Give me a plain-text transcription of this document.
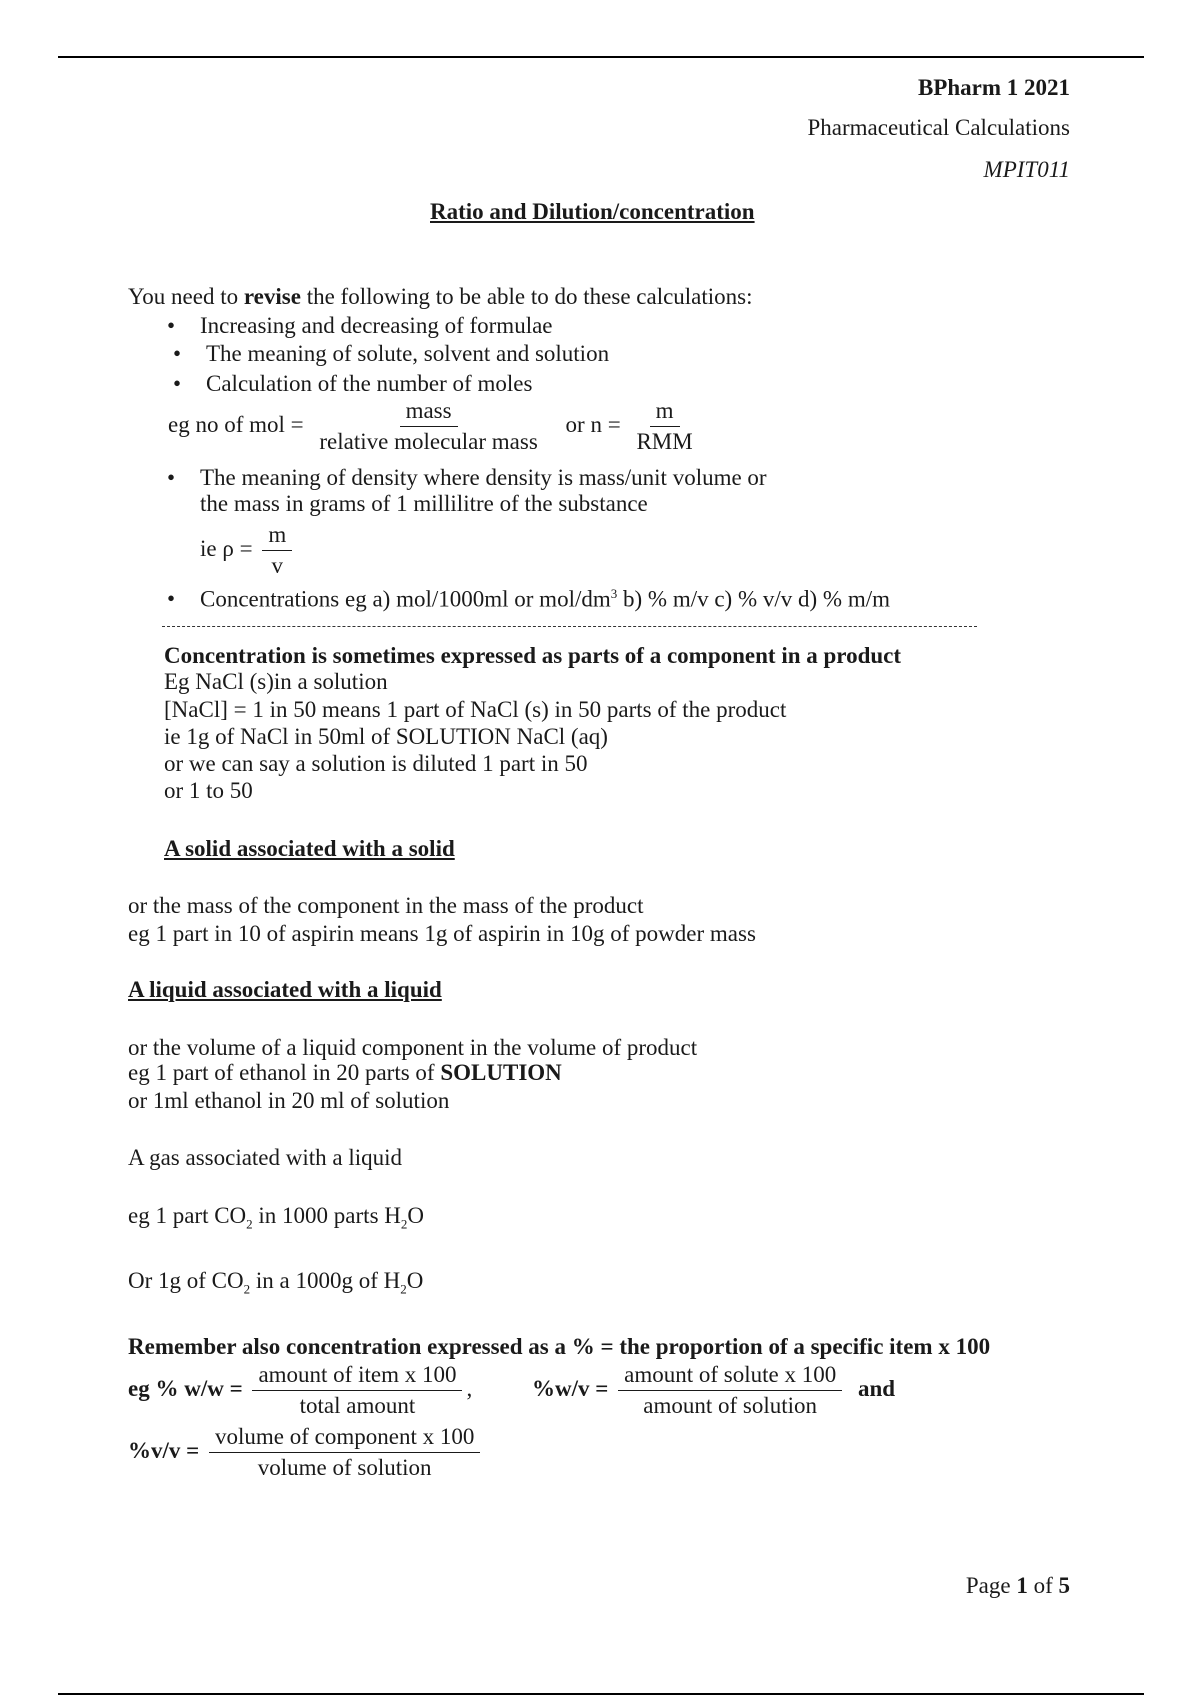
BPharm 1 2021
Pharmaceutical Calculations
MPIT011
Ratio and Dilution/concentration
You need to revise the following to be able to do these calculations:
• Increasing and decreasing of formulae
• The meaning of solute, solvent and solution
• Calculation of the number of moles
eg no of mol = $\frac{\text{mass}}{\text{relative molecular mass}}$ or $n = \frac{m}{\text{RMM}}$
• The meaning of density where density is mass/unit volume or
the mass in grams of 1 millilitre of the substance
ie $\rho = \frac{m}{v}$
• Concentrations eg a) mol/1000ml or mol/$dm^3$ b) % m/v c) % v/v d) % m/m
Concentration is sometimes expressed as parts of a component in a product
Eg NaCl (s)in a solution
[NaCl] = 1 in 50 means 1 part of NaCl (s) in 50 parts of the product
ie 1g of NaCl in 50ml of SOLUTION NaCl (aq)
or we can say a solution is diluted 1 part in 50
or 1 to 50
A solid associated with a solid
or the mass of the component in the mass of the product
eg 1 part in 10 of aspirin means 1g of aspirin in 10g of powder mass
A liquid associated with a liquid
or the volume of a liquid component in the volume of product
eg 1 part of ethanol in 20 parts of SOLUTION
or 1ml ethanol in 20 ml of solution
A gas associated with a liquid
eg 1 part $CO_2$ in 1000 parts $H_2O$
Or 1g of $CO_2$ in a 1000g of $H_2O$
Remember also concentration expressed as a % = the proportion of a specific item x 100
eg % $w/w = \frac{\text{amount of item x 100}}{\text{total amount}}$ ,	$\%w/v = \frac{\text{amount of solute x 100}}{\text{amount of solution}}$ and
$\%v/v = \frac{\text{volume of component x 100}}{\text{volume of solution}}$
Page 1 of 5
